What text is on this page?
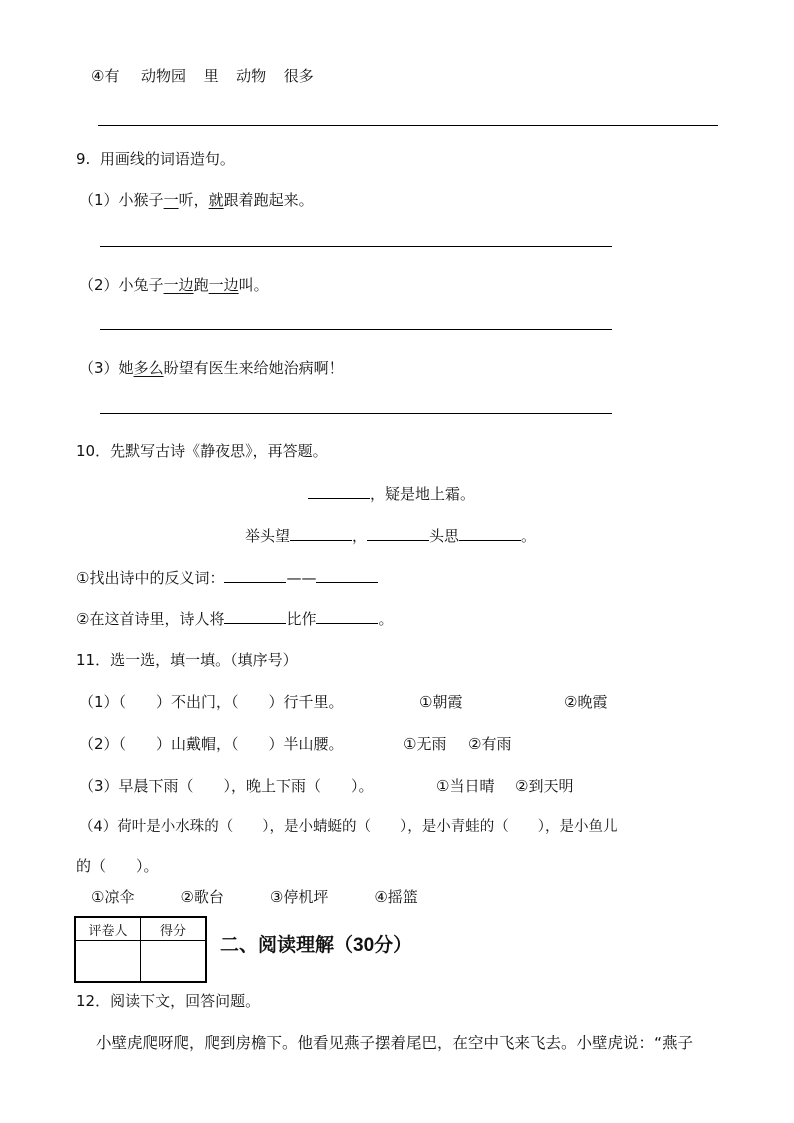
④有 动物园 里 动物 很多
9.  用画线的词语造句。
（1）小猴子一听，就跟着跑起来。
（2）小兔子一边跑一边叫。
（3）她多么盼望有医生来给她治病啊！
10．先默写古诗《静夜思》，再答题。
，疑是地上霜。
举头望	，	头思	。
①找出诗中的反义词：	——
②在这首诗里，诗人将	比作	。
11．选一选，填一填。（填序号）
（1）（　　）不出门，（　　）行千里。	①朝霞	②晚霞
（2）（　　）山戴帽，（　　）半山腰。	①无雨 ②有雨
（3）早晨下雨（　　），晚上下雨（　　）。	①当日晴 ②到天明
（4）荷叶是小水珠的（　　），是小蜻蜓的（　　），是小青蛙的（　　），是小鱼儿
的（　　）。
①凉伞	②歌台	③停机坪	④摇篮
评卷人	得分

二、阅读理解（30分）
12．阅读下文，回答问题。
小壁虎爬呀爬，爬到房檐下。他看见燕子摆着尾巴，在空中飞来飞去。小壁虎说：“燕子
